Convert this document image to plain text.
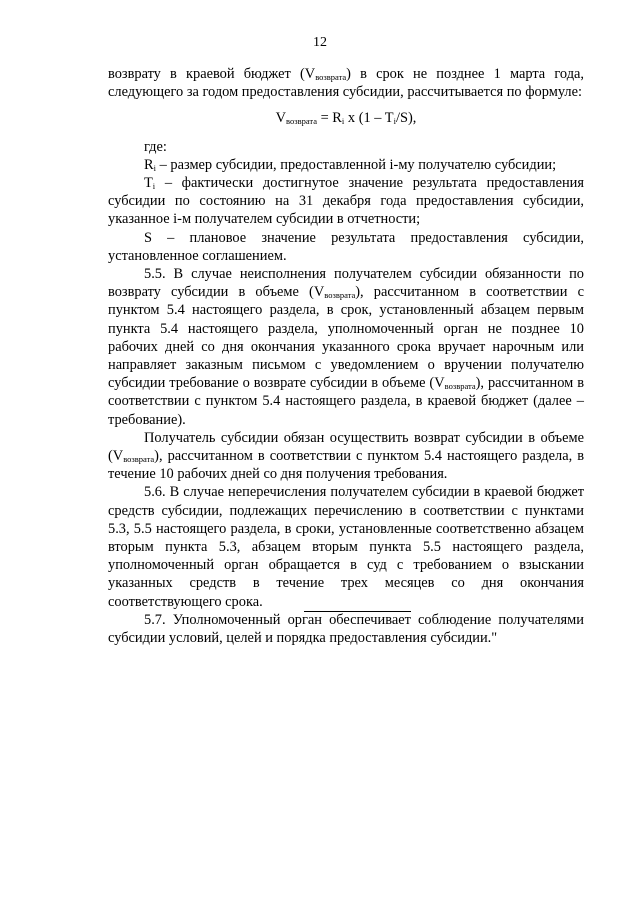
12

возврату в краевой бюджет $(V_{возврата})$ в срок не позднее 1 марта года, следующего за годом предоставления субсидии, рассчитывается по формуле:

$V_{возврата} = R_i$ x $(1 - T_i/S)$,

где:

$R_i$ – размер субсидии, предоставленной i-му получателю субсидии;

$T_i$ – фактически достигнутое значение результата предоставления субсидии по состоянию на 31 декабря года предоставления субсидии, указанное i-м получателем субсидии в отчетности;

S – плановое значение результата предоставления субсидии, установленное соглашением.

5.5. В случае неисполнения получателем субсидии обязанности по возврату субсидии в объеме $(V_{возврата})$, рассчитанном в соответствии с пунктом 5.4 настоящего раздела, в срок, установленный абзацем первым пункта 5.4 настоящего раздела, уполномоченный орган не позднее 10 рабочих дней со дня окончания указанного срока вручает нарочным или направляет заказным письмом с уведомлением о вручении получателю субсидии требование о возврате субсидии в объеме $(V_{возврата})$, рассчитанном в соответствии с пунктом 5.4 настоящего раздела, в краевой бюджет (далее – требование).

Получатель субсидии обязан осуществить возврат субсидии в объеме $(V_{возврата})$, рассчитанном в соответствии с пунктом 5.4 настоящего раздела, в течение 10 рабочих дней со дня получения требования.

5.6. В случае неперечисления получателем субсидии в краевой бюджет средств субсидии, подлежащих перечислению в соответствии с пунктами 5.3, 5.5 настоящего раздела, в сроки, установленные соответственно абзацем вторым пункта 5.3, абзацем вторым пункта 5.5 настоящего раздела, уполномоченный орган обращается в суд с требованием о взыскании указанных средств в течение трех месяцев со дня окончания соответствующего срока.

5.7. Уполномоченный орган обеспечивает соблюдение получателями субсидии условий, целей и порядка предоставления субсидии."
